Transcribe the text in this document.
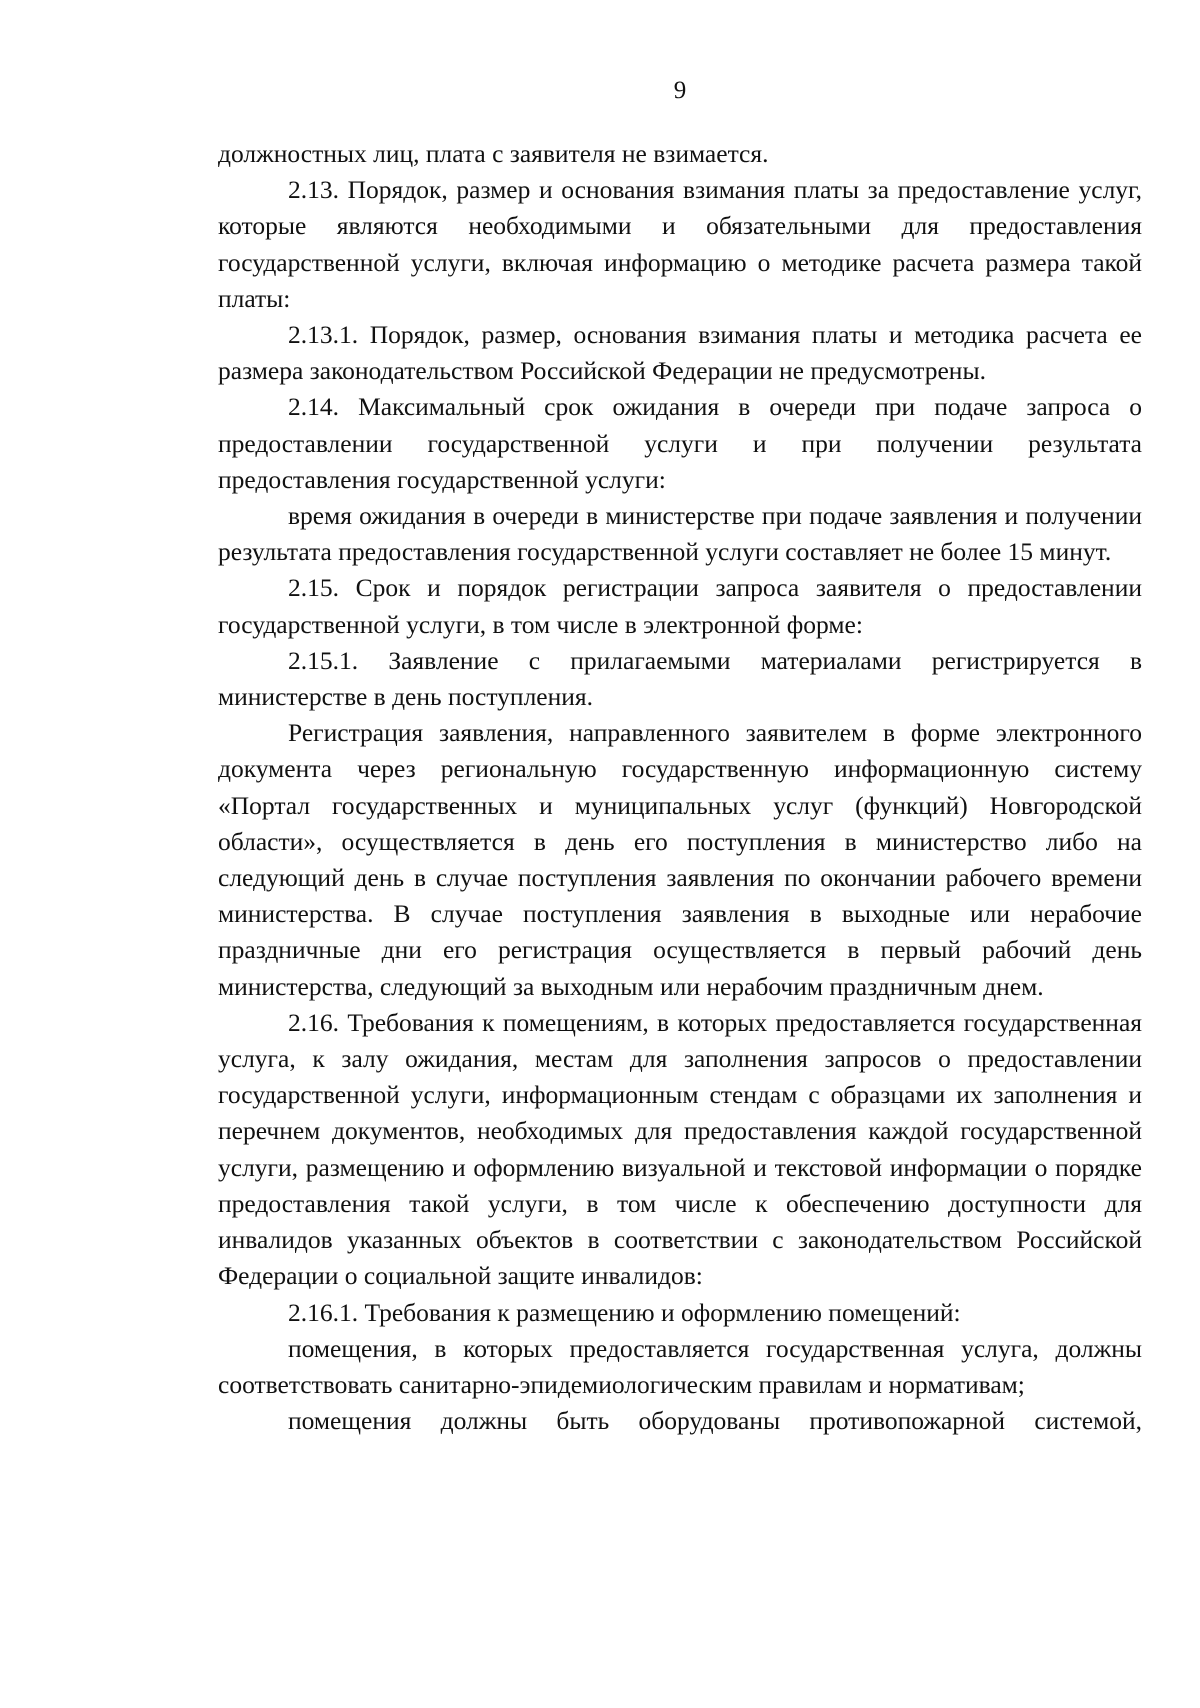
9

должностных лиц, плата с заявителя не взимается.

2.13. Порядок, размер и основания взимания платы за предоставление услуг, которые являются необходимыми и обязательными для предоставления государственной услуги, включая информацию о методике расчета размера такой платы:

2.13.1. Порядок, размер, основания взимания платы и методика расчета ее размера законодательством Российской Федерации не предусмотрены.

2.14. Максимальный срок ожидания в очереди при подаче запроса о предоставлении государственной услуги и при получении результата предоставления государственной услуги:

время ожидания в очереди в министерстве при подаче заявления и получении результата предоставления государственной услуги составляет не более 15 минут.

2.15. Срок и порядок регистрации запроса заявителя о предоставлении государственной услуги, в том числе в электронной форме:

2.15.1. Заявление с прилагаемыми материалами регистрируется в министерстве в день поступления.

Регистрация заявления, направленного заявителем в форме электронного документа через региональную государственную информационную систему «Портал государственных и муниципальных услуг (функций) Новгородской области», осуществляется в день его поступления в министерство либо на следующий день в случае поступления заявления по окончании рабочего времени министерства. В случае поступления заявления в выходные или нерабочие праздничные дни его регистрация осуществляется в первый рабочий день министерства, следующий за выходным или нерабочим праздничным днем.

2.16. Требования к помещениям, в которых предоставляется государственная услуга, к залу ожидания, местам для заполнения запросов о предоставлении государственной услуги, информационным стендам с образцами их заполнения и перечнем документов, необходимых для предоставления каждой государственной услуги, размещению и оформлению визуальной и текстовой информации о порядке предоставления такой услуги, в том числе к обеспечению доступности для инвалидов указанных объектов в соответствии с законодательством Российской Федерации о социальной защите инвалидов:

2.16.1. Требования к размещению и оформлению помещений:

помещения, в которых предоставляется государственная услуга, должны соответствовать санитарно-эпидемиологическим правилам и нормативам;

помещения должны быть оборудованы противопожарной системой,
